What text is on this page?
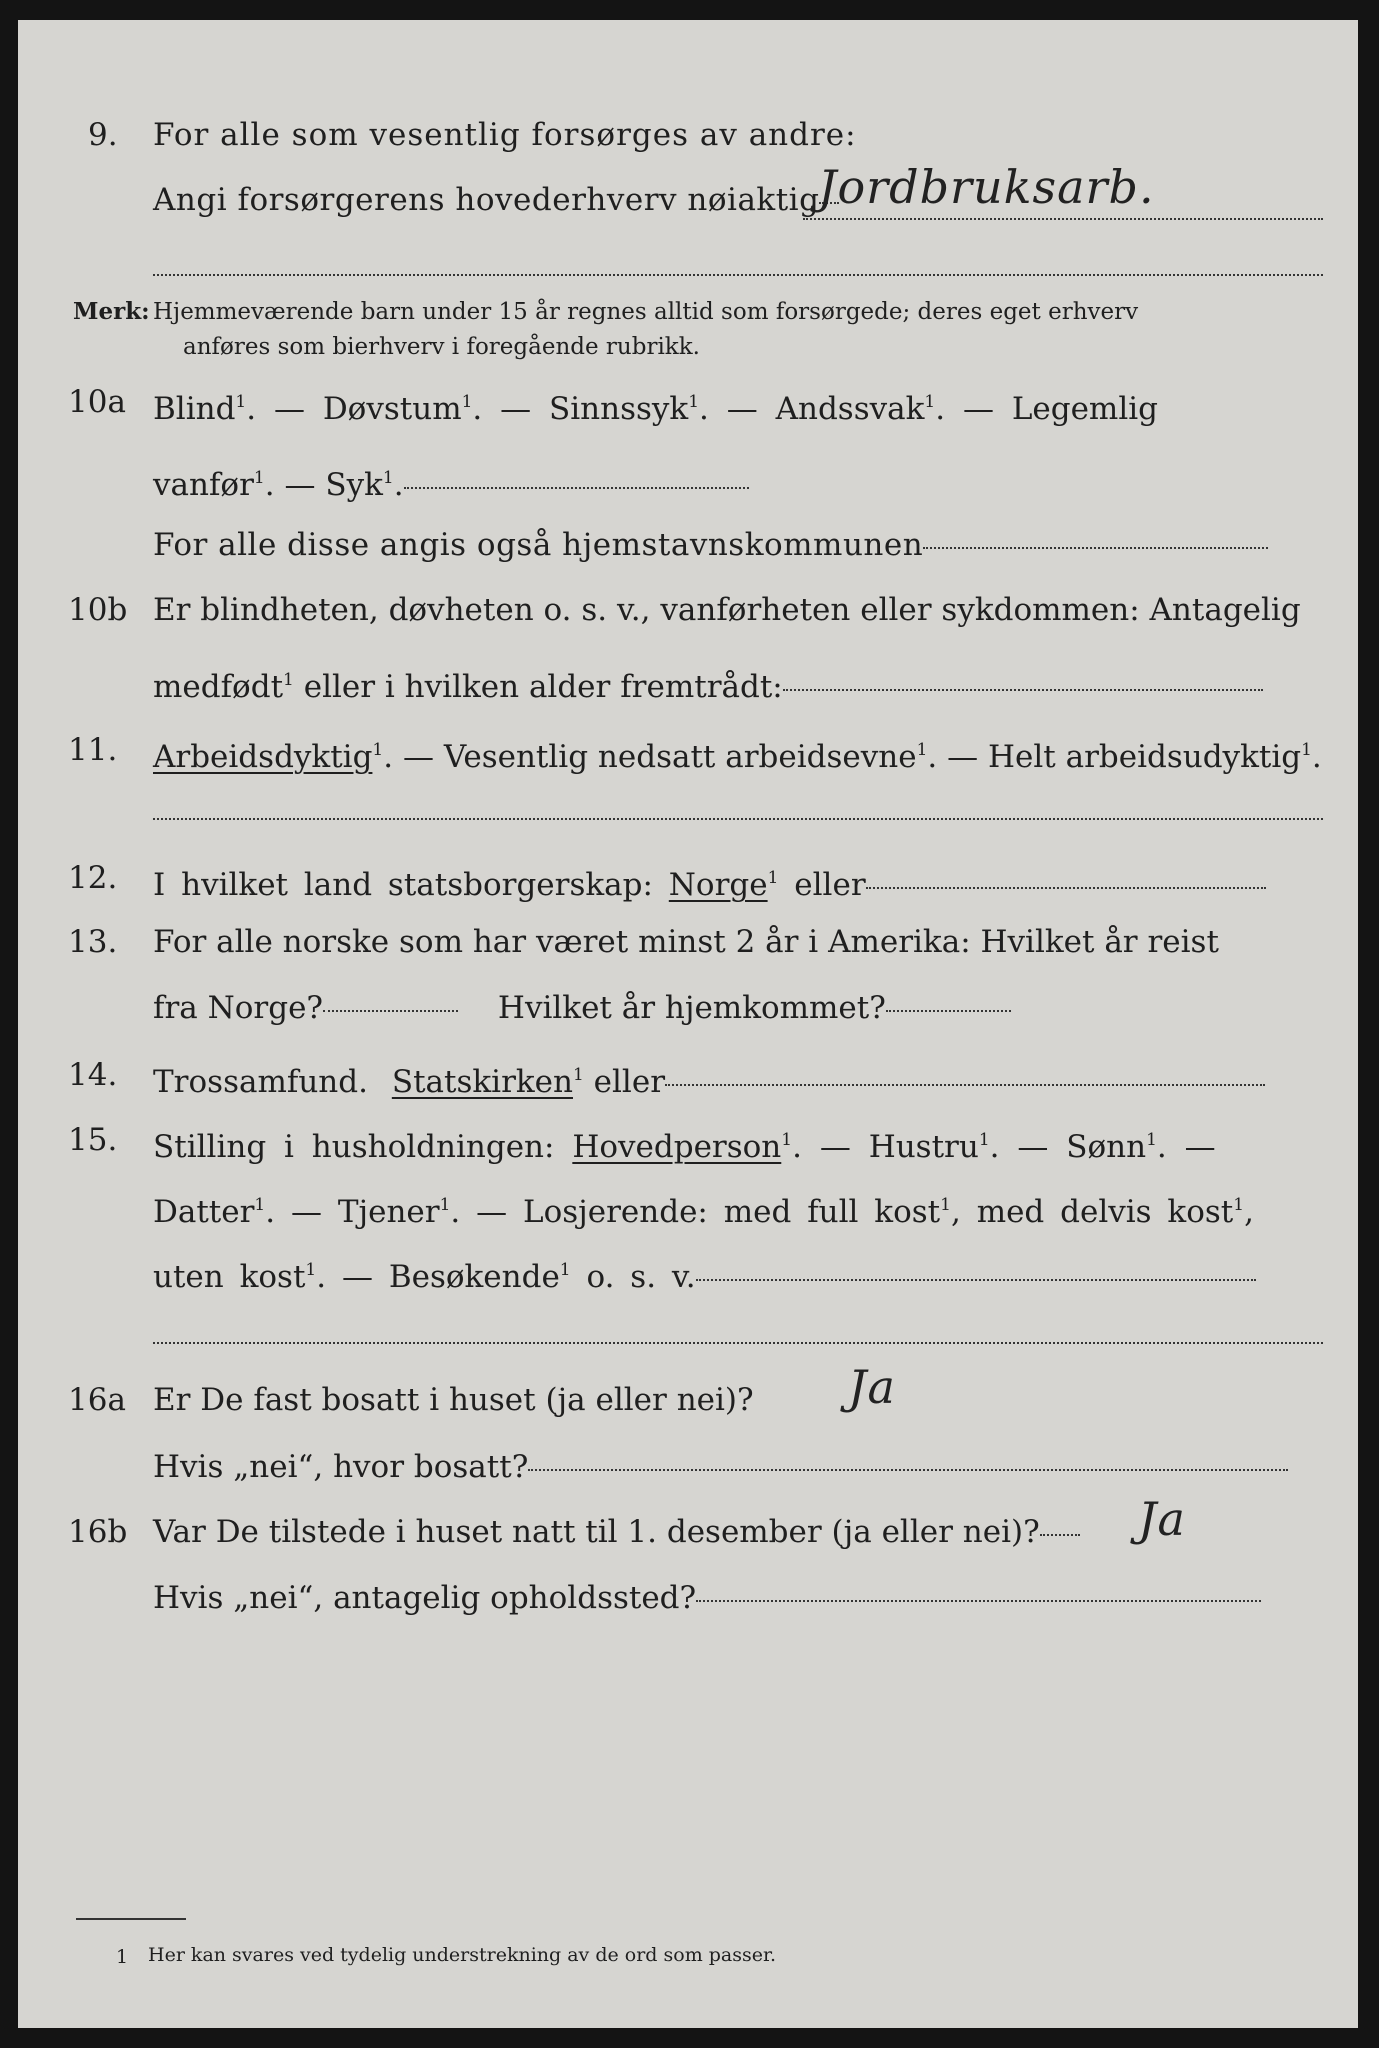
9. For alle som vesentlig forsørges av andre:
Angi forsørgerens hovederhverv nøiaktig
Jordbruksarb.
Merk: Hjemmeværende barn under 15 år regnes alltid som forsørgede; deres eget erhverv
anføres som bierhverv i foregående rubrikk.
10a Blind$^1$. — Døvstum$^1$. — Sinnssyk$^1$. — Andssvak$^1$. — Legemlig
vanfør$^1$. — Syk$^1$.
For alle disse angis også hjemstavnskommunen
10b Er blindheten, døvheten o. s. v., vanførheten eller sykdommen: Antagelig
medfødt$^1$ eller i hvilken alder fremtrådt:
11. Arbeidsdyktig$^1$. — Vesentlig nedsatt arbeidsevne$^1$. — Helt arbeidsudyktig$^1$.
12. I hvilket land statsborgerskap: Norge$^1$ eller
13. For alle norske som har været minst 2 år i Amerika: Hvilket år reist
fra Norge?	Hvilket år hjemkommet?
14. Trossamfund. Statskirken$^1$ eller
15. Stilling i husholdningen: Hovedperson$^1$. — Hustru$^1$. — Sønn$^1$. —
Datter$^1$. — Tjener$^1$. — Losjerende: med full kost$^1$, med delvis kost$^1$,
uten kost$^1$. — Besøkende$^1$ o. s. v.
16a Er De fast bosatt i huset (ja eller nei)? Ja
Hvis „nei“, hvor bosatt?
16b Var De tilstede i huset natt til 1. desember (ja eller nei)?	Ja
Hvis „nei“, antagelig opholdssted?
1 Her kan svares ved tydelig understrekning av de ord som passer.
